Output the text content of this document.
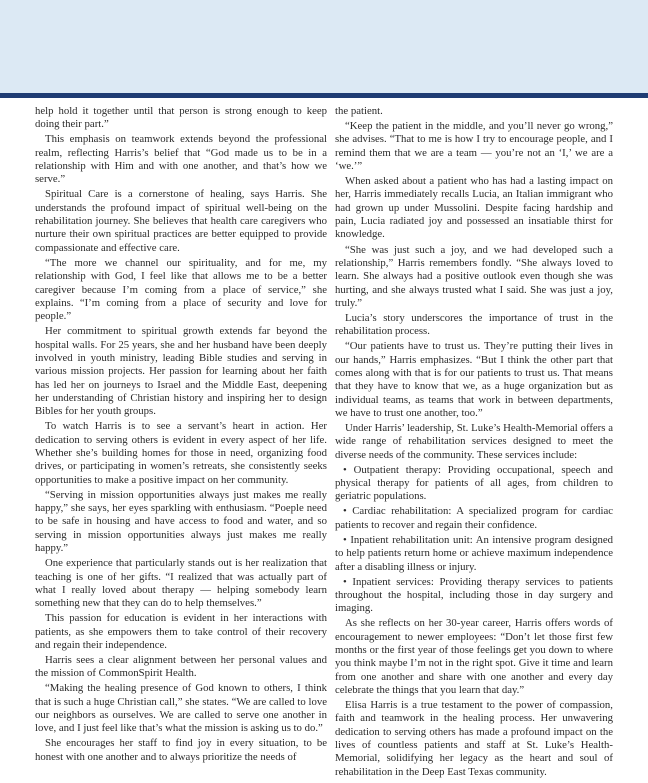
help hold it together until that person is strong enough to keep doing their part.”

This emphasis on teamwork extends beyond the professional realm, reflecting Harris’s belief that “God made us to be in a relationship with Him and with one another, and that’s how we serve.”

Spiritual Care is a cornerstone of healing, says Harris. She understands the profound impact of spiritual well-being on the rehabilitation journey. She believes that health care caregivers who nurture their own spiritual practices are better equipped to provide compassionate and effective care.

“The more we channel our spirituality, and for me, my relationship with God, I feel like that allows me to be a better caregiver because I’m coming from a place of service,” she explains. “I’m coming from a place of security and love for people.”

Her commitment to spiritual growth extends far beyond the hospital walls. For 25 years, she and her husband have been deeply involved in youth ministry, leading Bible studies and serving in various mission projects. Her passion for learning about her faith has led her on journeys to Israel and the Middle East, deepening her understanding of Christian history and inspiring her to design Bibles for her youth groups.

To watch Harris is to see a servant’s heart in action. Her dedication to serving others is evident in every aspect of her life. Whether she’s building homes for those in need, organizing food drives, or participating in women’s retreats, she consistently seeks opportunities to make a positive impact on her community.

“Serving in mission opportunities always just makes me really happy,” she says, her eyes sparkling with enthusiasm. “Poeple need to be safe in housing and have access to food and water, and so serving in mission opportunities always just makes me really happy.”

One experience that particularly stands out is her realization that teaching is one of her gifts. “I realized that was actually part of what I really loved about therapy — helping somebody learn something new that they can do to help themselves.”

This passion for education is evident in her interactions with patients, as she empowers them to take control of their recovery and regain their independence.

Harris sees a clear alignment between her personal values and the mission of CommonSpirit Health.

“Making the healing presence of God known to others, I think that is such a huge Christian call,” she states. “We are called to love our neighbors as ourselves. We are called to serve one another in love, and I just feel like that’s what the mission is asking us to do.”

She encourages her staff to find joy in every situation, to be honest with one another and to always prioritize the needs of

the patient.

“Keep the patient in the middle, and you’ll never go wrong,” she advises. “That to me is how I try to encourage people, and I remind them that we are a team — you’re not an ‘I,’ we are a ‘we.’”

When asked about a patient who has had a lasting impact on her, Harris immediately recalls Lucia, an Italian immigrant who had grown up under Mussolini. Despite facing hardship and pain, Lucia radiated joy and possessed an insatiable thirst for knowledge.

“She was just such a joy, and we had developed such a relationship,” Harris remembers fondly. “She always loved to learn. She always had a positive outlook even though she was hurting, and she always trusted what I said. She was just a joy, truly.”

Lucia’s story underscores the importance of trust in the rehabilitation process.

“Our patients have to trust us. They’re putting their lives in our hands,” Harris emphasizes. “But I think the other part that comes along with that is for our patients to trust us. That means that they have to know that we, as a huge organization but as individual teams, as teams that work in between departments, we have to trust one another, too.”

Under Harris’ leadership, St. Luke’s Health-Memorial offers a wide range of rehabilitation services designed to meet the diverse needs of the community. These services include:

• Outpatient therapy: Providing occupational, speech and physical therapy for patients of all ages, from children to geriatric populations.

• Cardiac rehabilitation: A specialized program for cardiac patients to recover and regain their confidence.

• Inpatient rehabilitation unit: An intensive program designed to help patients return home or achieve maximum independence after a disabling illness or injury.

• Inpatient services: Providing therapy services to patients throughout the hospital, including those in day surgery and imaging.

As she reflects on her 30-year career, Harris offers words of encouragement to newer employees: “Don’t let those first few months or the first year of those feelings get you down to where you think maybe I’m not in the right spot. Give it time and learn from one another and share with one another and every day celebrate the things that you learn that day.”

Elisa Harris is a true testament to the power of compassion, faith and teamwork in the healing process. Her unwavering dedication to serving others has made a profound impact on the lives of countless patients and staff at St. Luke’s Health-Memorial, solidifying her legacy as the heart and soul of rehabilitation in the Deep East Texas community.
